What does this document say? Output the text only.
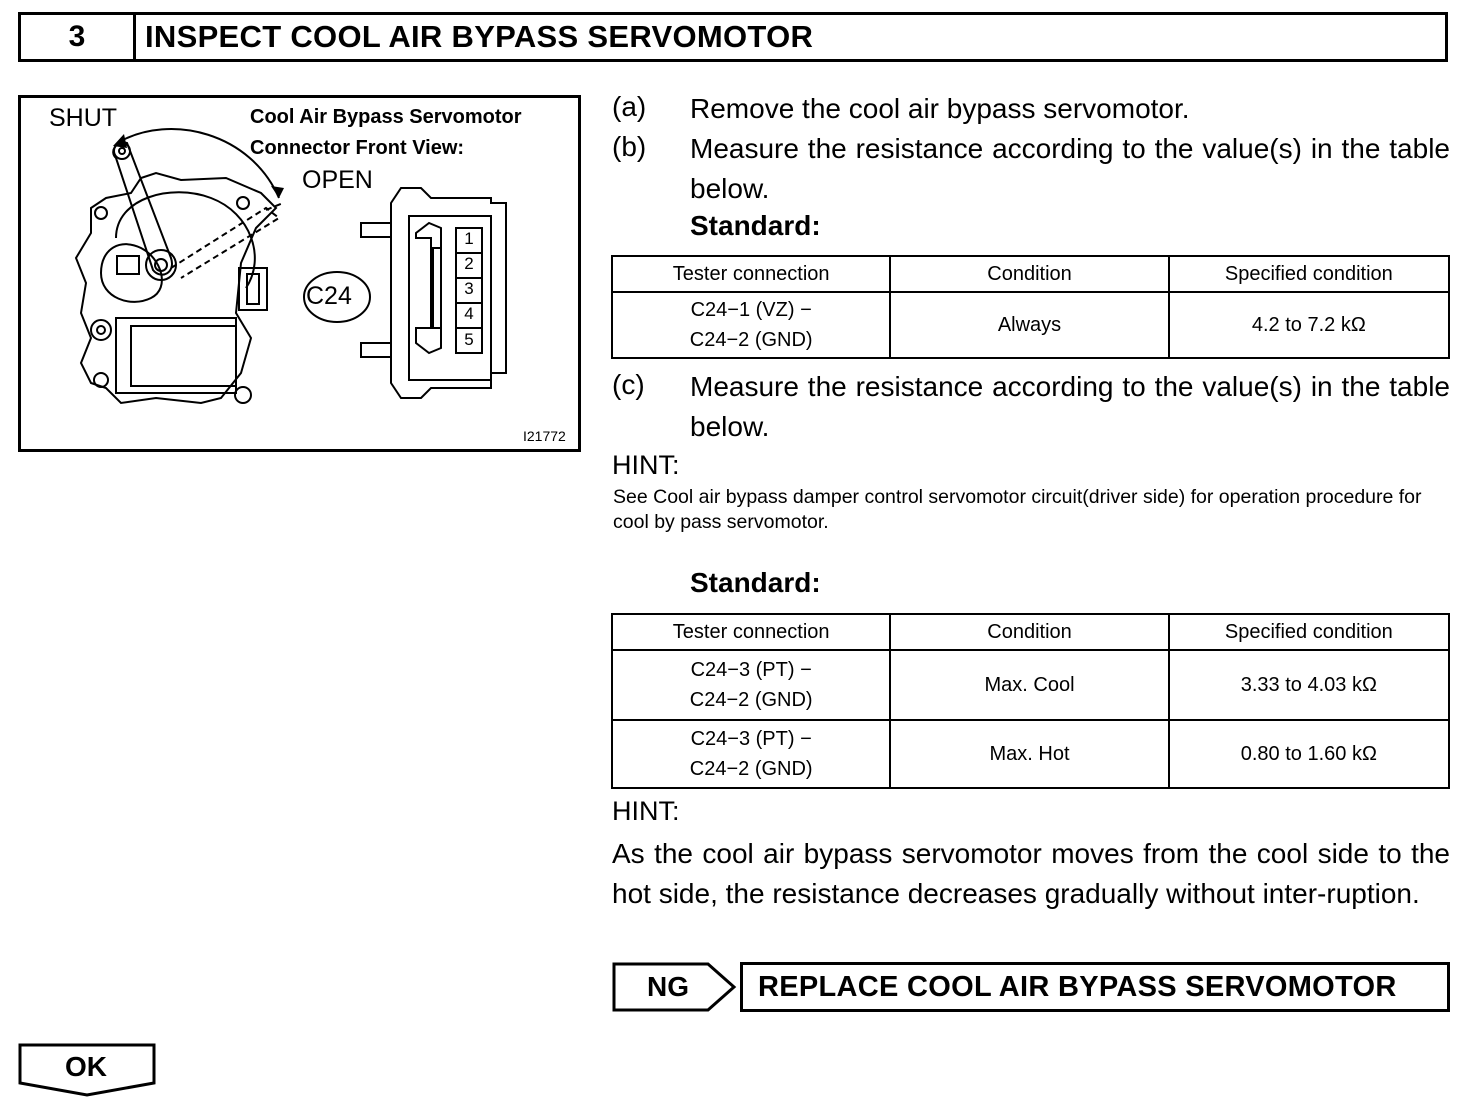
3	INSPECT COOL AIR BYPASS SERVOMOTOR
SHUT	Cool Air Bypass Servomotor
Connector Front View:
OPEN
C24
1
2
3
4
5
I21772
(a) Remove the cool air bypass servomotor.
(b) Measure the resistance according to the value(s) in the table below.
Standard:
Tester connection	Condition	Specified condition

C24−1 (VZ) −
C24−2 (GND)	Always	4.2 to 7.2 kΩ
(c) Measure the resistance according to the value(s) in the table below.
HINT:
See Cool air bypass damper control servomotor circuit(driver side) for operation procedure for cool by pass servomotor.
Standard:
Tester connection	Condition	Specified condition

C24−3 (PT) −
C24−2 (GND)	Max. Cool	3.33 to 4.03 kΩ

C24−3 (PT) −
C24−2 (GND)	Max. Hot	0.80 to 1.60 kΩ
HINT:
As the cool air bypass servomotor moves from the cool side to the hot side, the resistance decreases gradually without inter-ruption.
NG	REPLACE COOL AIR BYPASS SERVOMOTOR
OK
